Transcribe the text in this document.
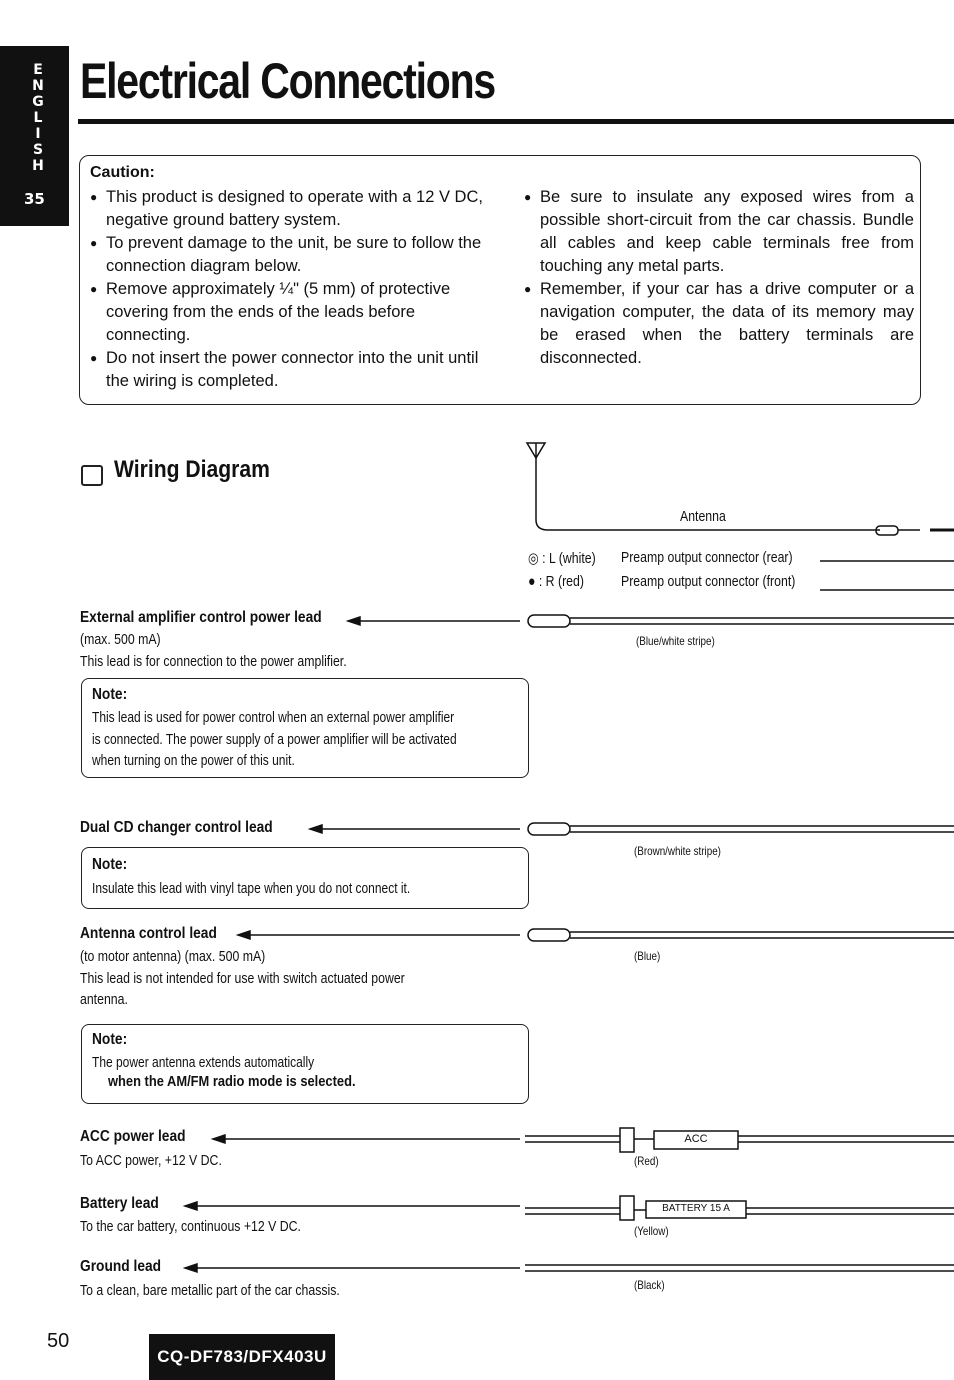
E
N
G
L
I
S
H
35
Electrical Connections
Caution:
● This product is designed to operate with a 12 V DC, negative ground battery system.
● To prevent damage to the unit, be sure to follow the connection diagram below.
● Remove approximately ¼" (5 mm) of protective covering from the ends of the leads before connecting.
● Do not insert the power connector into the unit until the wiring is completed.
● Be sure to insulate any exposed wires from a possible short-circuit from the car chassis. Bundle all cables and keep cable terminals free from touching any metal parts.
● Remember, if your car has a drive computer or a navigation computer, the data of its memory may be erased when the battery terminals are disconnected.
Wiring Diagram
Antenna
◎ : L (white) Preamp output connector (rear)
● : R (red) Preamp output connector (front)
External amplifier control power lead
(max. 500 mA)
This lead is for connection to the power amplifier.
(Blue/white stripe)
Note:
This lead is used for power control when an external power amplifier
is connected. The power supply of a power amplifier will be activated
when turning on the power of this unit.
Dual CD changer control lead
(Brown/white stripe)
Note:
Insulate this lead with vinyl tape when you do not connect it.
Antenna control lead
(to motor antenna) (max. 500 mA)
This lead is not intended for use with switch actuated power
antenna.
(Blue)
Note:
The power antenna extends automatically
when the AM/FM radio mode is selected.
ACC power lead
To ACC power, +12 V DC.
ACC
(Red)
Battery lead
To the car battery, continuous +12 V DC.
BATTERY 15 A
(Yellow)
Ground lead
To a clean, bare metallic part of the car chassis.	(Black)
50
CQ-DF783/DFX403U
